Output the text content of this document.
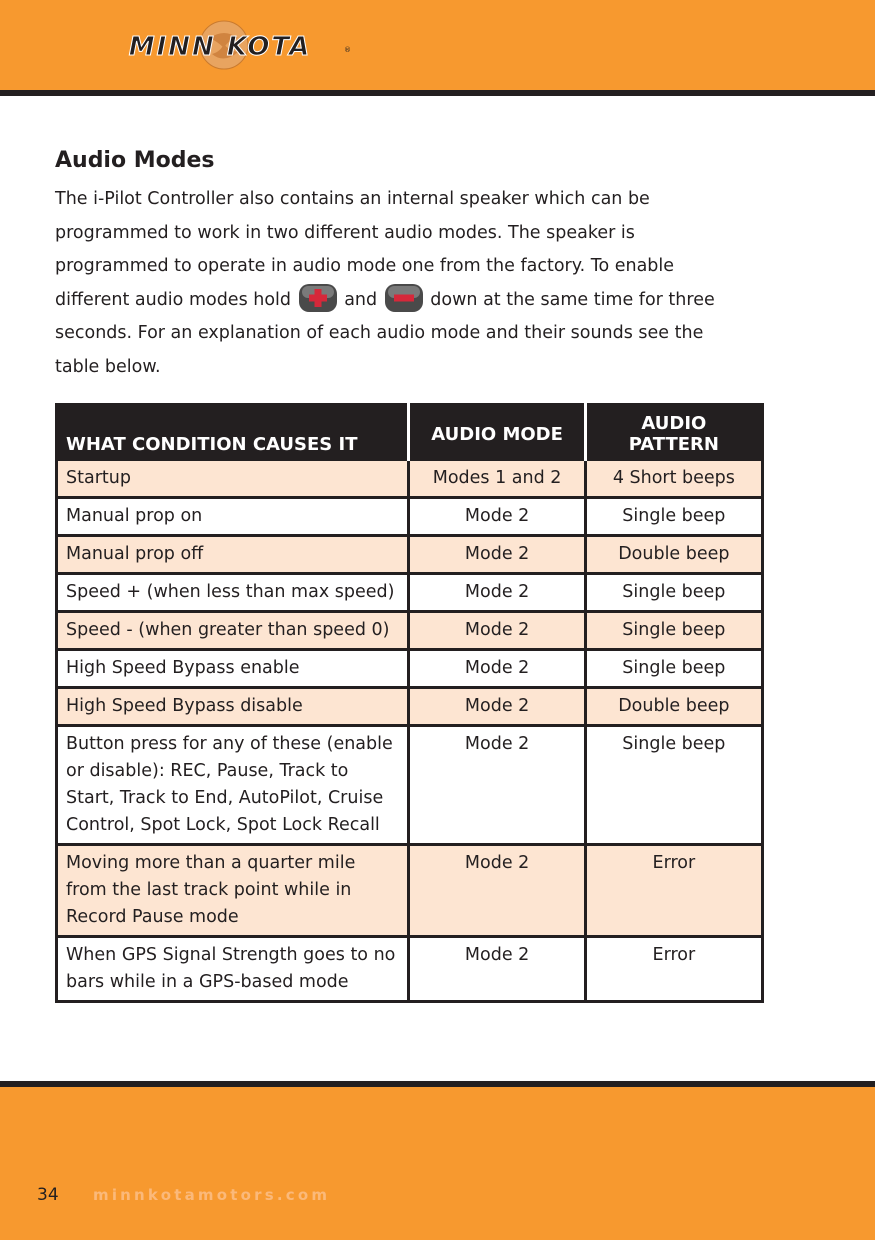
MINN KOTA	®
Audio Modes
The i-Pilot Controller also contains an internal speaker which can be
programmed to work in two different audio modes. The speaker is
programmed to operate in audio mode one from the factory. To enable
different audio modes hold	and	down at the same time for three
seconds. For an explanation of each audio mode and their sounds see the
table below.
WHAT CONDITION CAUSES IT	AUDIO MODE	AUDIO PATTERN
Startup	Modes 1 and 2	4 Short beeps
Manual prop on	Mode 2	Single beep
Manual prop off	Mode 2	Double beep
Speed + (when less than max speed)	Mode 2	Single beep
Speed - (when greater than speed 0)	Mode 2	Single beep
High Speed Bypass enable	Mode 2	Single beep
High Speed Bypass disable	Mode 2	Double beep
Button press for any of these (enable or disable): REC, Pause, Track to Start, Track to End, AutoPilot, Cruise Control, Spot Lock, Spot Lock Recall	Mode 2	Single beep
Moving more than a quarter mile from the last track point while in Record Pause mode	Mode 2	Error
When GPS Signal Strength goes to no bars while in a GPS-based mode	Mode 2	Error
34 minnkotamotors.com
